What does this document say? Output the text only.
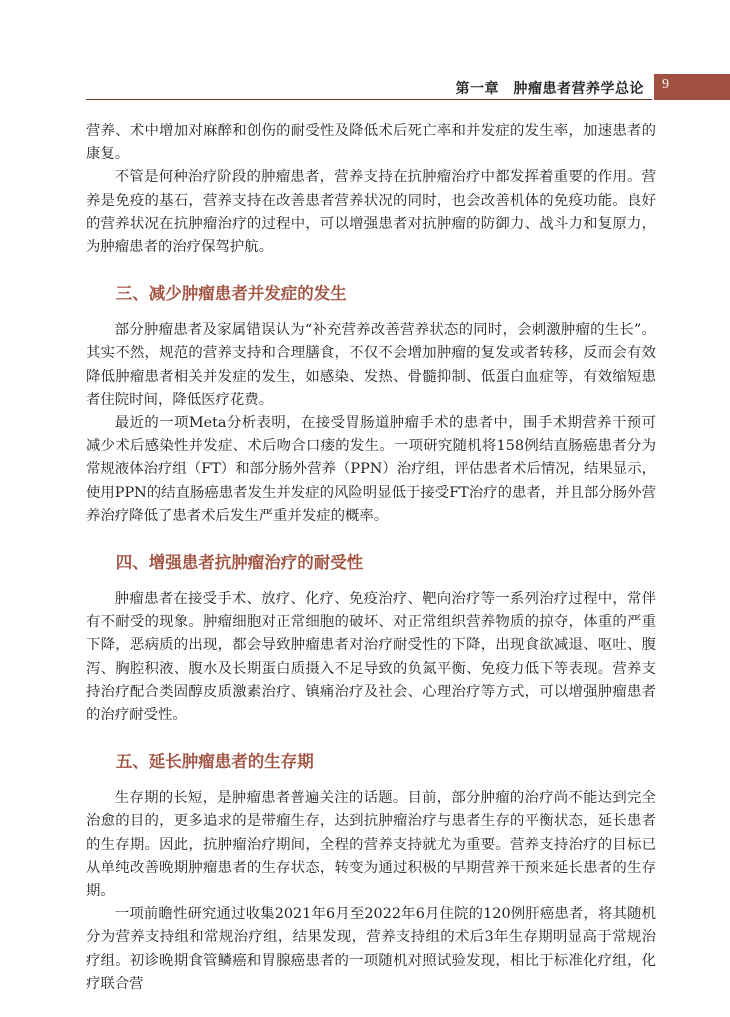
第一章　肿瘤患者营养学总论 9

营养、术中增加对麻醉和创伤的耐受性及降低术后死亡率和并发症的发生率，加速患者的康复。

不管是何种治疗阶段的肿瘤患者，营养支持在抗肿瘤治疗中都发挥着重要的作用。营养是免疫的基石，营养支持在改善患者营养状况的同时，也会改善机体的免疫功能。良好的营养状况在抗肿瘤治疗的过程中，可以增强患者对抗肿瘤的防御力、战斗力和复原力，为肿瘤患者的治疗保驾护航。

三、减少肿瘤患者并发症的发生

部分肿瘤患者及家属错误认为“补充营养改善营养状态的同时，会刺激肿瘤的生长”。其实不然，规范的营养支持和合理膳食，不仅不会增加肿瘤的复发或者转移，反而会有效降低肿瘤患者相关并发症的发生，如感染、发热、骨髓抑制、低蛋白血症等，有效缩短患者住院时间，降低医疗花费。

最近的一项Meta分析表明，在接受胃肠道肿瘤手术的患者中，围手术期营养干预可减少术后感染性并发症、术后吻合口瘘的发生。一项研究随机将158例结直肠癌患者分为常规液体治疗组（FT）和部分肠外营养（PPN）治疗组，评估患者术后情况，结果显示，使用PPN的结直肠癌患者发生并发症的风险明显低于接受FT治疗的患者，并且部分肠外营养治疗降低了患者术后发生严重并发症的概率。

四、增强患者抗肿瘤治疗的耐受性

肿瘤患者在接受手术、放疗、化疗、免疫治疗、靶向治疗等一系列治疗过程中，常伴有不耐受的现象。肿瘤细胞对正常细胞的破坏、对正常组织营养物质的掠夺，体重的严重下降，恶病质的出现，都会导致肿瘤患者对治疗耐受性的下降，出现食欲减退、呕吐、腹泻、胸腔积液、腹水及长期蛋白质摄入不足导致的负氮平衡、免疫力低下等表现。营养支持治疗配合类固醇皮质激素治疗、镇痛治疗及社会、心理治疗等方式，可以增强肿瘤患者的治疗耐受性。

五、延长肿瘤患者的生存期

生存期的长短，是肿瘤患者普遍关注的话题。目前，部分肿瘤的治疗尚不能达到完全治愈的目的，更多追求的是带瘤生存，达到抗肿瘤治疗与患者生存的平衡状态，延长患者的生存期。因此，抗肿瘤治疗期间，全程的营养支持就尤为重要。营养支持治疗的目标已从单纯改善晚期肿瘤患者的生存状态，转变为通过积极的早期营养干预来延长患者的生存期。

一项前瞻性研究通过收集2021年6月至2022年6月住院的120例肝癌患者，将其随机分为营养支持组和常规治疗组，结果发现，营养支持组的术后3年生存期明显高于常规治疗组。初诊晚期食管鳞癌和胃腺癌患者的一项随机对照试验发现，相比于标准化疗组，化疗联合营
